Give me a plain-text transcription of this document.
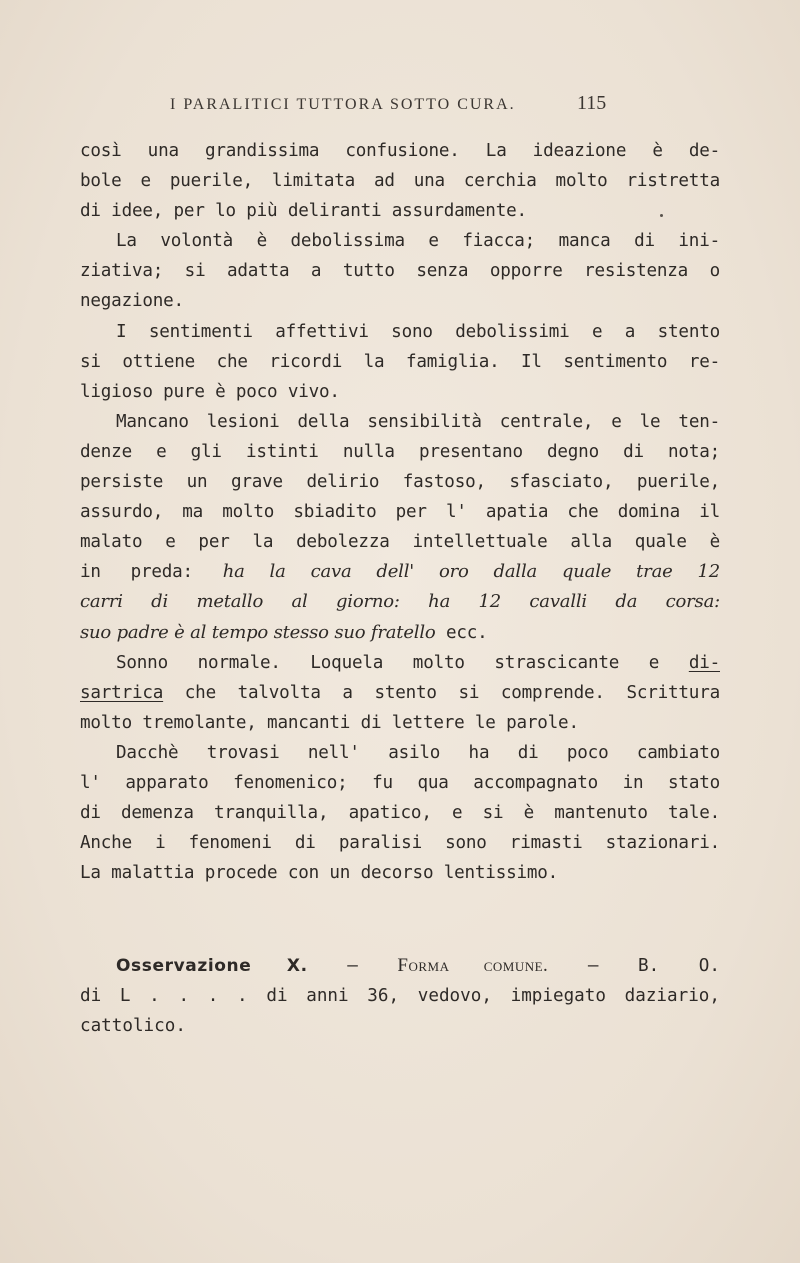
I PARALITICI TUTTORA SOTTO CURA.	115
così una grandissima confusione. La ideazione è de-
bole e puerile, limitata ad una cerchia molto ristretta
di idee, per lo più deliranti assurdamente.
La volontà è debolissima e fiacca; manca di ini-
ziativa; si adatta a tutto senza opporre resistenza o
negazione.
I sentimenti affettivi sono debolissimi e a stento
si ottiene che ricordi la famiglia. Il sentimento re-
ligioso pure è poco vivo.
Mancano lesioni della sensibilità centrale, e le ten-
denze e gli istinti nulla presentano degno di nota;
persiste un grave delirio fastoso, sfasciato, puerile,
assurdo, ma molto sbiadito per l' apatia che domina il
malato e per la debolezza intellettuale alla quale è
in preda: ha la cava dell' oro dalla quale trae 12
carri di metallo al giorno: ha 12 cavalli da corsa:
suo padre è al tempo stesso suo fratello ecc.
Sonno normale. Loquela molto strascicante e di-
sartrica che talvolta a stento si comprende. Scrittura
molto tremolante, mancanti di lettere le parole.
Dacchè trovasi nell' asilo ha di poco cambiato
l' apparato fenomenico; fu qua accompagnato in stato
di demenza tranquilla, apatico, e si è mantenuto tale.
Anche i fenomeni di paralisi sono rimasti stazionari.
La malattia procede con un decorso lentissimo.
Osservazione X. — Forma comune. — B. O.
di L . . . . di anni 36, vedovo, impiegato daziario,
cattolico.
